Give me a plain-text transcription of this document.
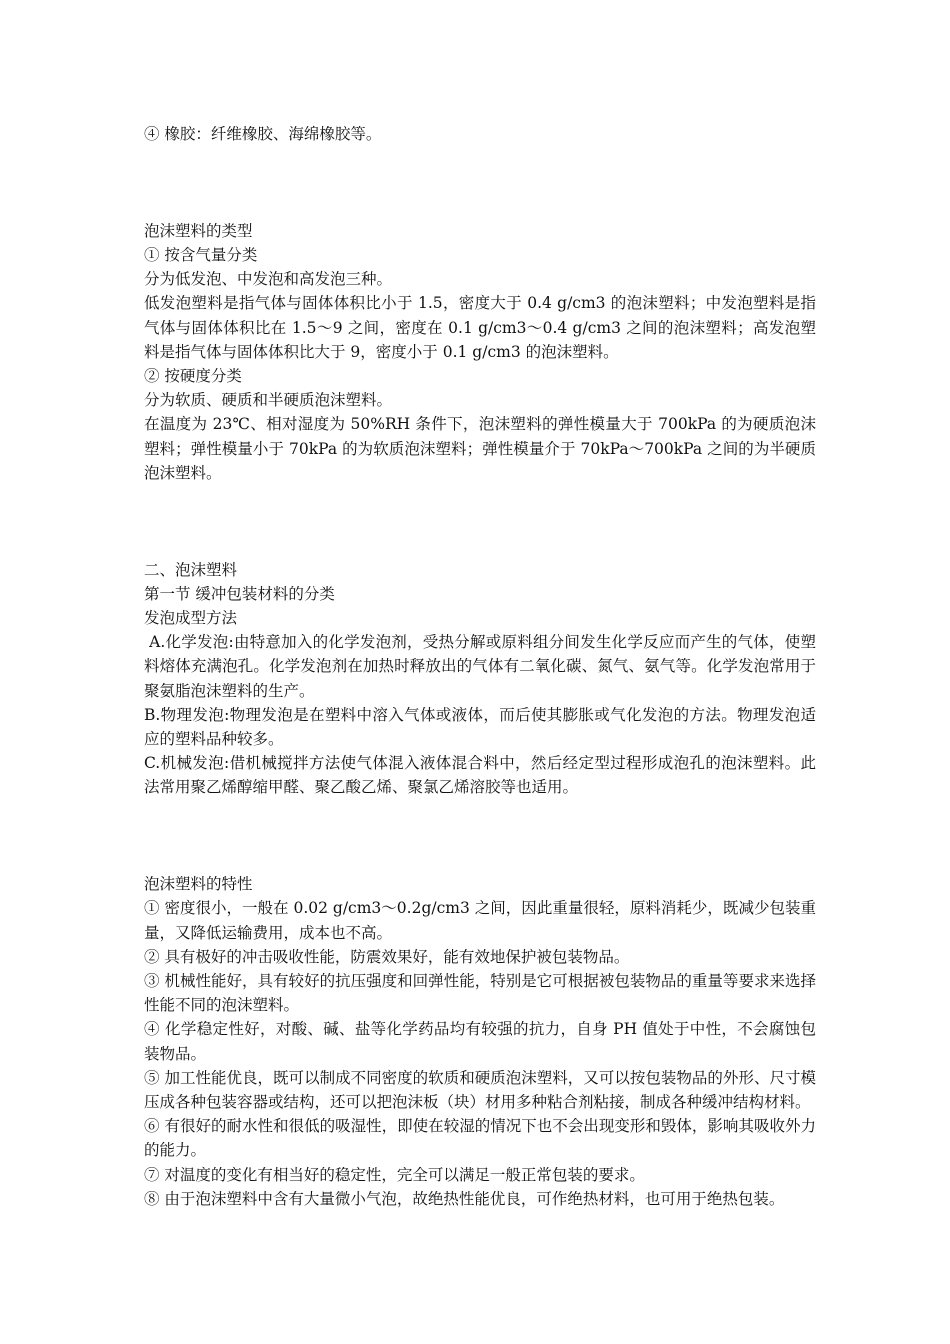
④ 橡胶：纤维橡胶、海绵橡胶等。

泡沫塑料的类型

① 按含气量分类

分为低发泡、中发泡和高发泡三种。

低发泡塑料是指气体与固体体积比小于 1.5，密度大于 0.4 g/cm3 的泡沫塑料；中发泡塑料是指气体与固体体积比在 1.5～9 之间，密度在 0.1 g/cm3～0.4 g/cm3 之间的泡沫塑料；高发泡塑料是指气体与固体体积比大于 9，密度小于 0.1 g/cm3 的泡沫塑料。

② 按硬度分类

分为软质、硬质和半硬质泡沫塑料。

在温度为 23℃、相对湿度为 50%RH 条件下，泡沫塑料的弹性模量大于 700kPa 的为硬质泡沫塑料；弹性模量小于 70kPa 的为软质泡沫塑料；弹性模量介于 70kPa～700kPa 之间的为半硬质泡沫塑料。

二、泡沫塑料

第一节 缓冲包装材料的分类

发泡成型方法

A.化学发泡:由特意加入的化学发泡剂，受热分解或原料组分间发生化学反应而产生的气体，使塑料熔体充满泡孔。化学发泡剂在加热时释放出的气体有二氧化碳、氮气、氨气等。化学发泡常用于聚氨脂泡沫塑料的生产。

B.物理发泡:物理发泡是在塑料中溶入气体或液体，而后使其膨胀或气化发泡的方法。物理发泡适应的塑料品种较多。

C.机械发泡:借机械搅拌方法使气体混入液体混合料中，然后经定型过程形成泡孔的泡沫塑料。此法常用聚乙烯醇缩甲醛、聚乙酸乙烯、聚氯乙烯溶胶等也适用。

泡沫塑料的特性

① 密度很小，一般在 0.02 g/cm3～0.2g/cm3 之间，因此重量很轻，原料消耗少，既减少包装重量，又降低运输费用，成本也不高。

② 具有极好的冲击吸收性能，防震效果好，能有效地保护被包装物品。

③ 机械性能好，具有较好的抗压强度和回弹性能，特别是它可根据被包装物品的重量等要求来选择性能不同的泡沫塑料。

④ 化学稳定性好，对酸、碱、盐等化学药品均有较强的抗力，自身 PH 值处于中性，不会腐蚀包装物品。

⑤ 加工性能优良，既可以制成不同密度的软质和硬质泡沫塑料，又可以按包装物品的外形、尺寸模压成各种包装容器或结构，还可以把泡沫板（块）材用多种粘合剂粘接，制成各种缓冲结构材料。

⑥ 有很好的耐水性和很低的吸湿性，即使在较湿的情况下也不会出现变形和毁体，影响其吸收外力的能力。

⑦ 对温度的变化有相当好的稳定性，完全可以满足一般正常包装的要求。

⑧ 由于泡沫塑料中含有大量微小气泡，故绝热性能优良，可作绝热材料，也可用于绝热包装。
